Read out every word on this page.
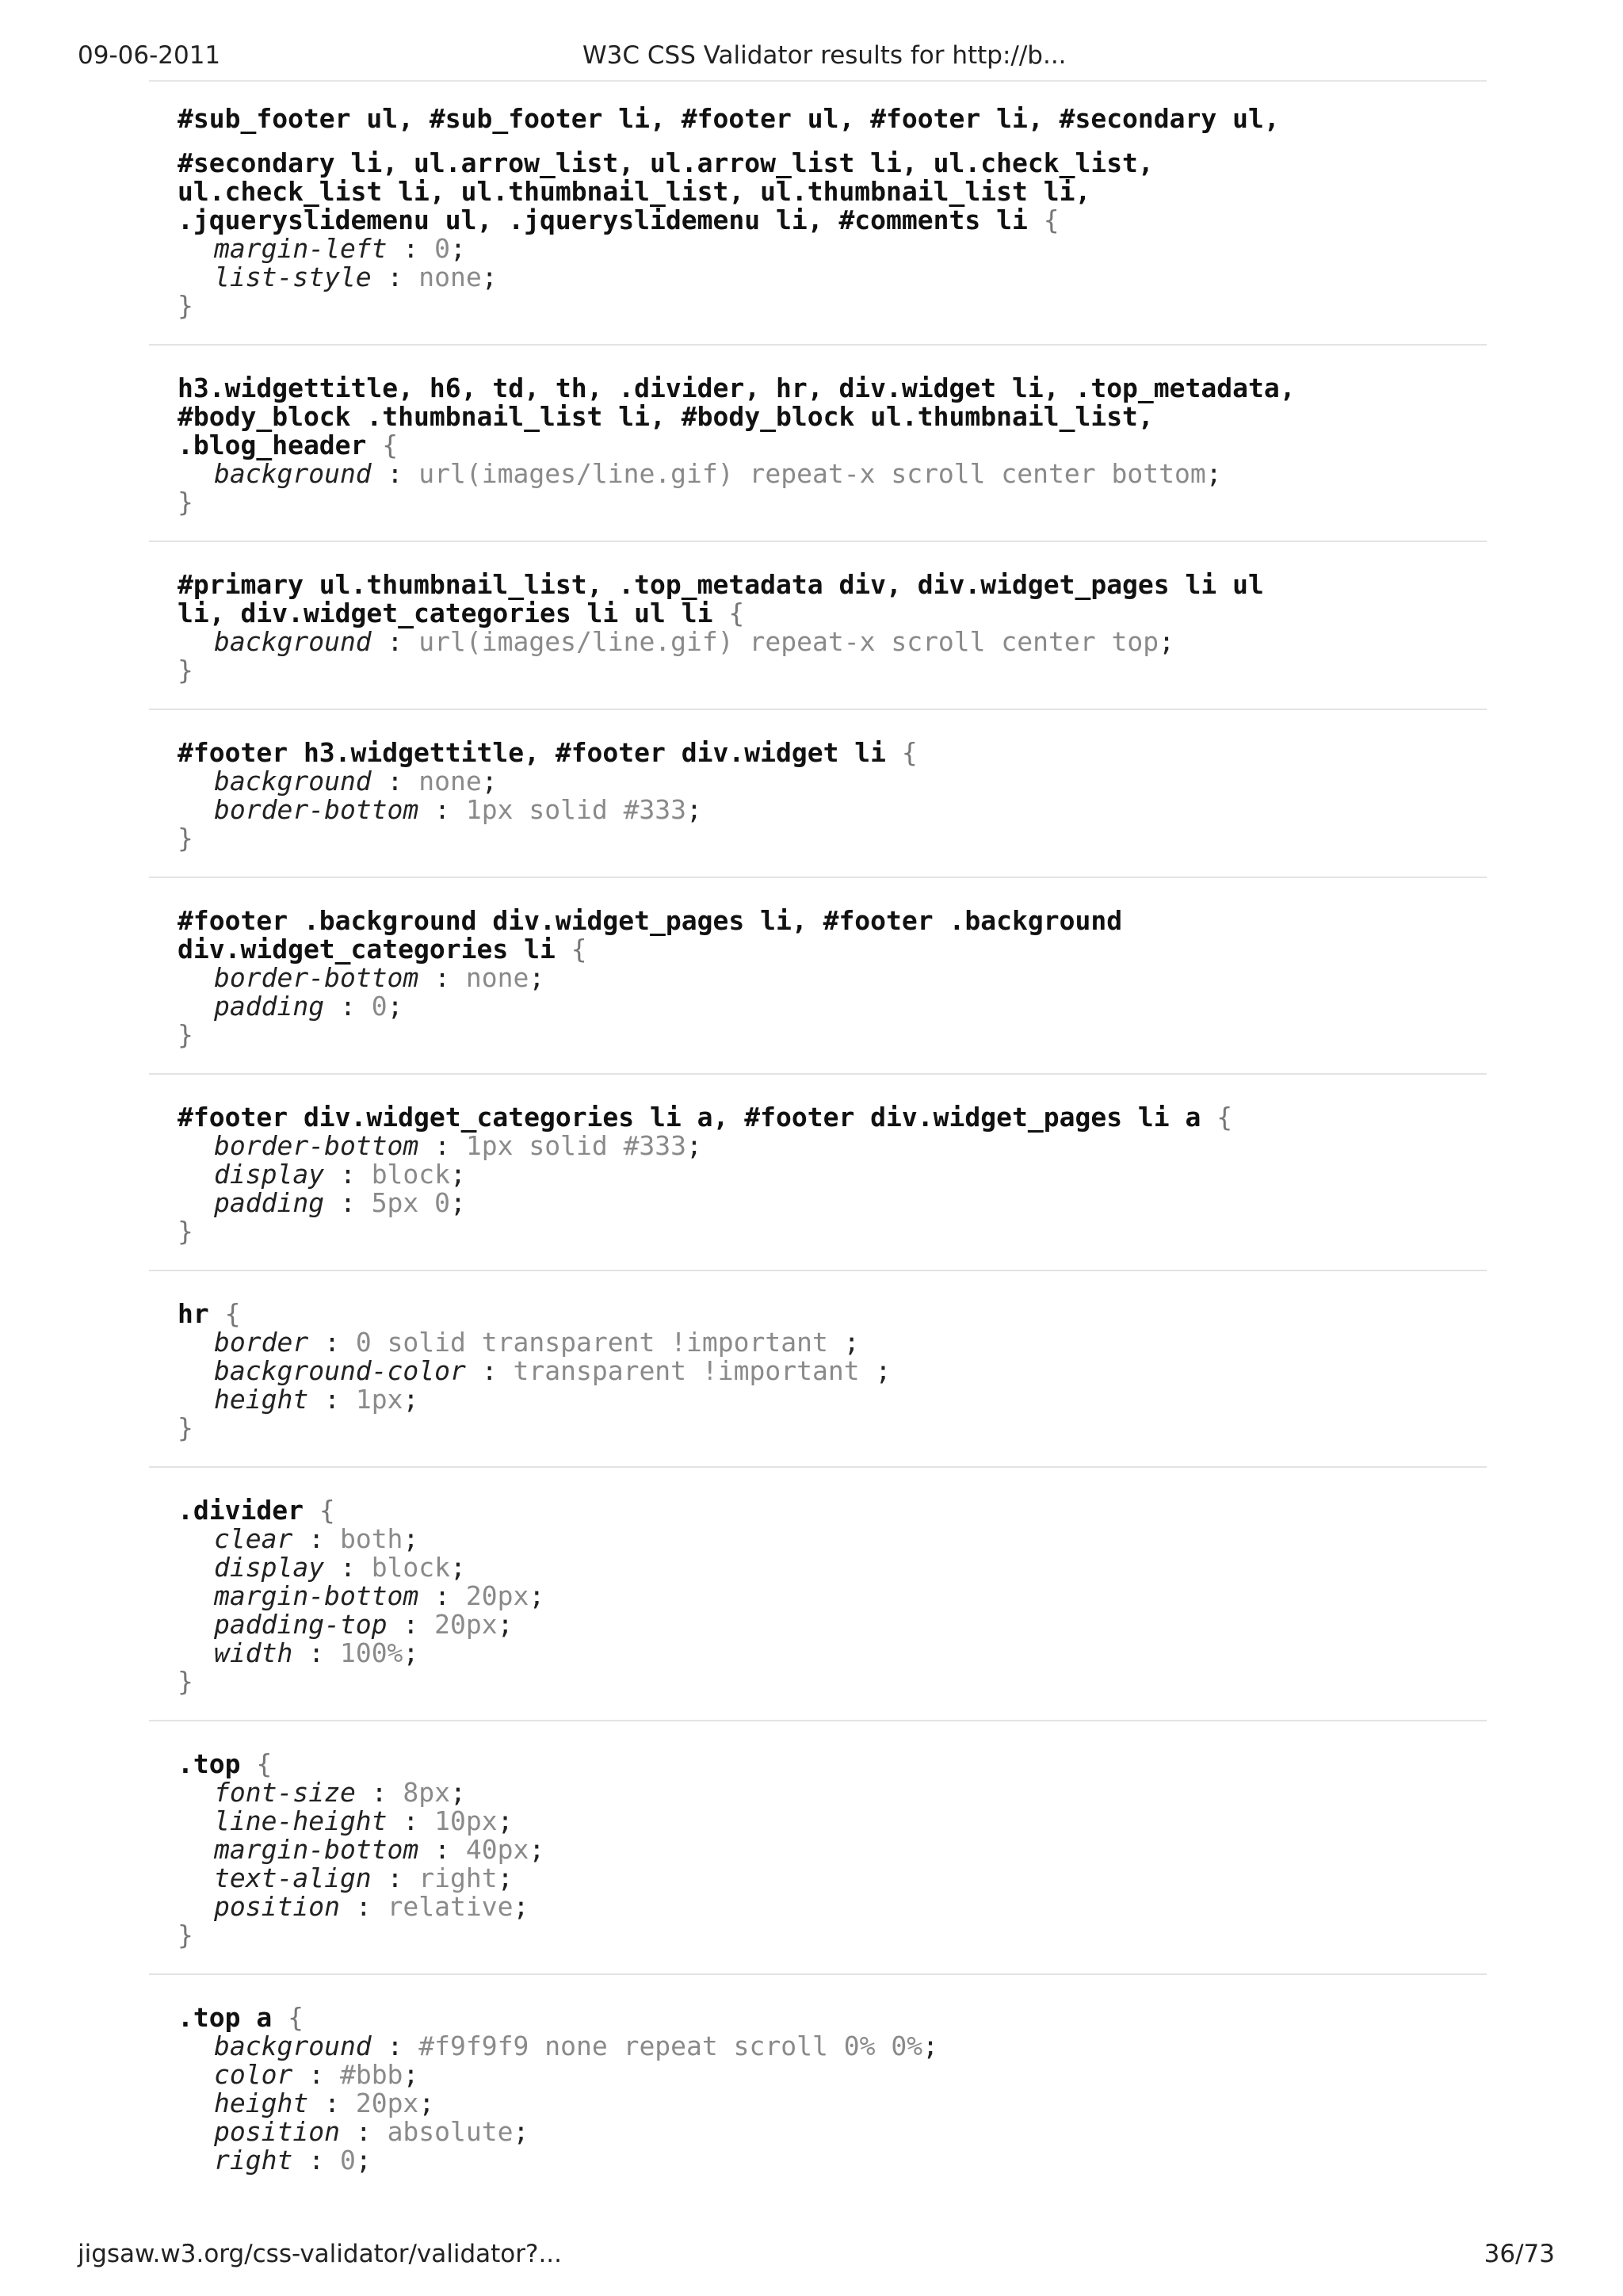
09-06-2011	W3C CSS Validator results for http://b...
#sub_footer ul, #sub_footer li, #footer ul, #footer li, #secondary ul,
#secondary li, ul.arrow_list, ul.arrow_list li, ul.check_list,
ul.check_list li, ul.thumbnail_list, ul.thumbnail_list li,
.jqueryslidemenu ul, .jqueryslidemenu li, #comments li {
margin-left : 0;
list-style : none;
}
h3.widgettitle, h6, td, th, .divider, hr, div.widget li, .top_metadata,
#body_block .thumbnail_list li, #body_block ul.thumbnail_list,
.blog_header {
background : url(images/line.gif) repeat-x scroll center bottom;
}
#primary ul.thumbnail_list, .top_metadata div, div.widget_pages li ul
li, div.widget_categories li ul li {
background : url(images/line.gif) repeat-x scroll center top;
}
#footer h3.widgettitle, #footer div.widget li {
background : none;
border-bottom : 1px solid #333;
}
#footer .background div.widget_pages li, #footer .background
div.widget_categories li {
border-bottom : none;
padding : 0;
}
#footer div.widget_categories li a, #footer div.widget_pages li a {
border-bottom : 1px solid #333;
display : block;
padding : 5px 0;
}
hr {
border : 0 solid transparent !important ;
background-color : transparent !important ;
height : 1px;
}
.divider {
clear : both;
display : block;
margin-bottom : 20px;
padding-top : 20px;
width : 100%;
}
.top {
font-size : 8px;
line-height : 10px;
margin-bottom : 40px;
text-align : right;
position : relative;
}
.top a {
background : #f9f9f9 none repeat scroll 0% 0%;
color : #bbb;
height : 20px;
position : absolute;
right : 0;
jigsaw.w3.org/css-validator/validator?...	36/73
